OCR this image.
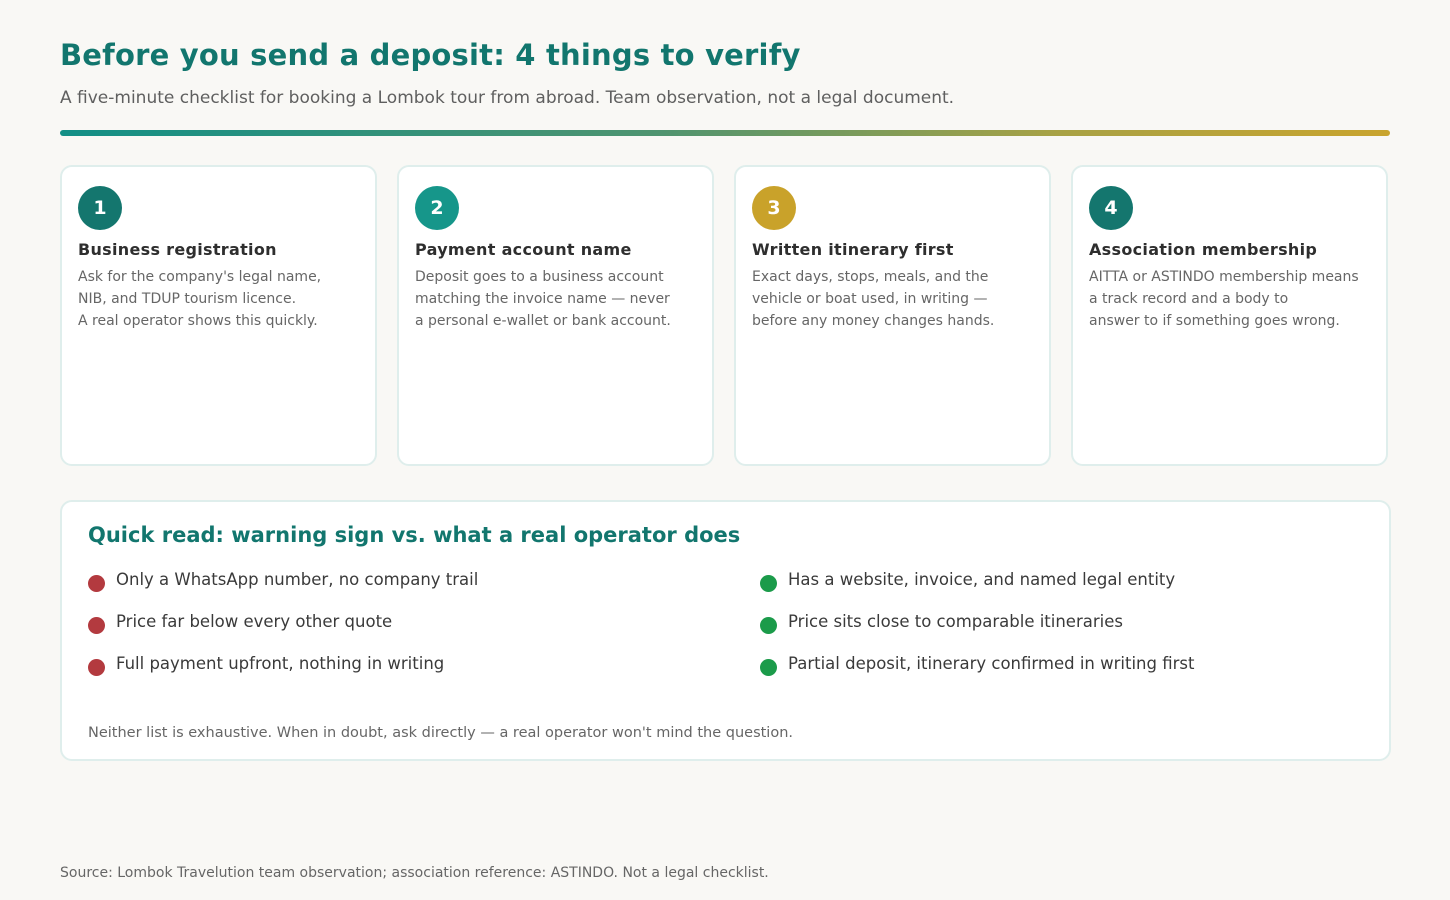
Before you send a deposit: 4 things to verify
A five-minute checklist for booking a Lombok tour from abroad. Team observation, not a legal document.
1
Business registration
Ask for the company's legal name,
NIB, and TDUP tourism licence.
A real operator shows this quickly.
2
Payment account name
Deposit goes to a business account
matching the invoice name — never
a personal e-wallet or bank account.
3
Written itinerary first
Exact days, stops, meals, and the
vehicle or boat used, in writing —
before any money changes hands.
4
Association membership
AITTA or ASTINDO membership means
a track record and a body to
answer to if something goes wrong.
Quick read: warning sign vs. what a real operator does
Only a WhatsApp number, no company trail
Price far below every other quote
Full payment upfront, nothing in writing
Has a website, invoice, and named legal entity
Price sits close to comparable itineraries
Partial deposit, itinerary confirmed in writing first
Neither list is exhaustive. When in doubt, ask directly — a real operator won't mind the question.
Source: Lombok Travelution team observation; association reference: ASTINDO. Not a legal checklist.
